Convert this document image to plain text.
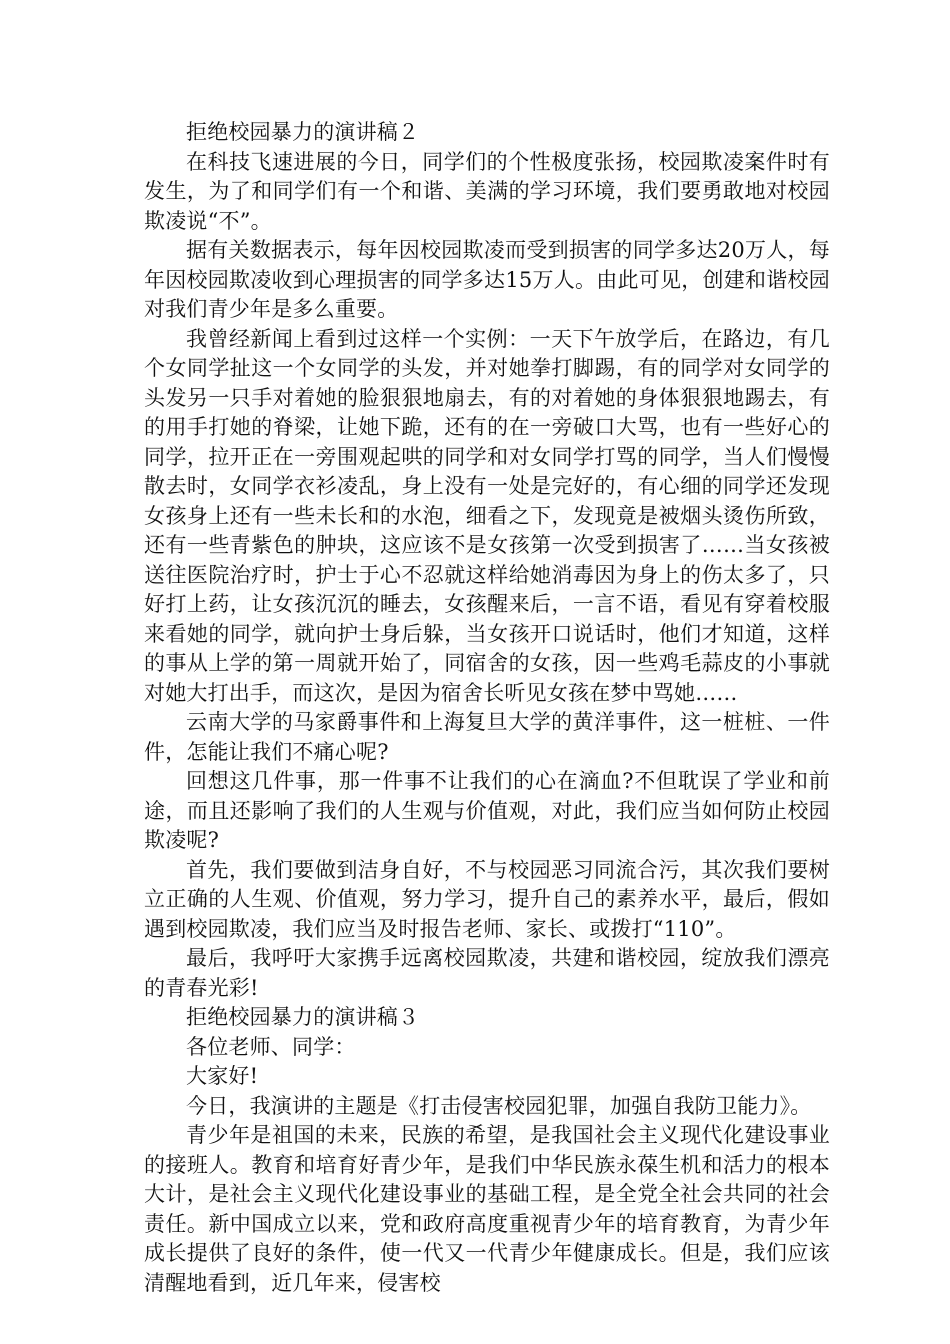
拒绝校园暴力的演讲稿２

在科技飞速进展的今日，同学们的个性极度张扬，校园欺凌案件时有发生，为了和同学们有一个和谐、美满的学习环境，我们要勇敢地对校园欺凌说“不”。

据有关数据表示，每年因校园欺凌而受到损害的同学多达20万人，每年因校园欺凌收到心理损害的同学多达15万人。由此可见，创建和谐校园对我们青少年是多么重要。

我曾经新闻上看到过这样一个实例：一天下午放学后，在路边，有几个女同学扯这一个女同学的头发，并对她拳打脚踢，有的同学对女同学的头发另一只手对着她的脸狠狠地扇去，有的对着她的身体狠狠地踢去，有的用手打她的脊梁，让她下跪，还有的在一旁破口大骂，也有一些好心的同学，拉开正在一旁围观起哄的同学和对女同学打骂的同学，当人们慢慢散去时，女同学衣衫凌乱，身上没有一处是完好的，有心细的同学还发现女孩身上还有一些未长和的水泡，细看之下，发现竟是被烟头烫伤所致，还有一些青紫色的肿块，这应该不是女孩第一次受到损害了……当女孩被送往医院治疗时，护士于心不忍就这样给她消毒因为身上的伤太多了，只好打上药，让女孩沉沉的睡去，女孩醒来后，一言不语，看见有穿着校服来看她的同学，就向护士身后躲，当女孩开口说话时，他们才知道，这样的事从上学的第一周就开始了，同宿舍的女孩，因一些鸡毛蒜皮的小事就对她大打出手，而这次，是因为宿舍长听见女孩在梦中骂她……

云南大学的马家爵事件和上海复旦大学的黄洋事件，这一桩桩、一件件，怎能让我们不痛心呢?

回想这几件事，那一件事不让我们的心在滴血?不但耽误了学业和前途，而且还影响了我们的人生观与价值观，对此，我们应当如何防止校园欺凌呢?

首先，我们要做到洁身自好，不与校园恶习同流合污，其次我们要树立正确的人生观、价值观，努力学习，提升自己的素养水平，最后，假如遇到校园欺凌，我们应当及时报告老师、家长、或拨打“110”。

最后，我呼吁大家携手远离校园欺凌，共建和谐校园，绽放我们漂亮的青春光彩!

拒绝校园暴力的演讲稿３

各位老师、同学：

大家好!

今日，我演讲的主题是《打击侵害校园犯罪，加强自我防卫能力》。

青少年是祖国的未来，民族的希望，是我国社会主义现代化建设事业的接班人。教育和培育好青少年，是我们中华民族永葆生机和活力的根本大计，是社会主义现代化建设事业的基础工程，是全党全社会共同的社会责任。新中国成立以来，党和政府高度重视青少年的培育教育，为青少年成长提供了良好的条件，使一代又一代青少年健康成长。但是，我们应该清醒地看到，近几年来，侵害校
